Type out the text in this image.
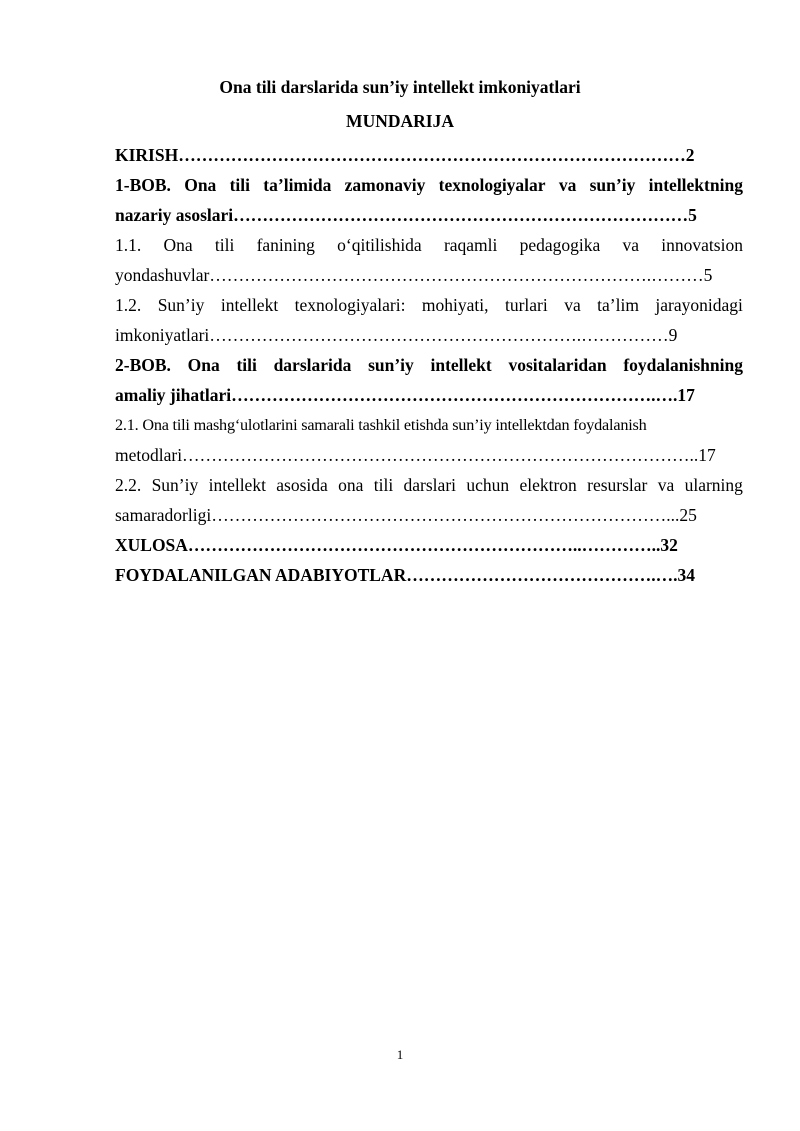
Ona tili darslarida sun’iy intellekt imkoniyatlari
MUNDARIJA
KIRISH……………………………………………………………………………2
1-BOB. Ona tili ta’limida zamonaviy texnologiyalar va sun’iy intellektning
nazariy asoslari……………………………………………………………………5
1.1. Ona tili fanining o‘qitilishida raqamli pedagogika va innovatsion
yondashuvlar………………………………………………………………….………5
1.2. Sun’iy intellekt texnologiyalari: mohiyati, turlari va ta’lim jarayonidagi
imkoniyatlari……………………………………………………….……………9
2-BOB. Ona tili darslarida sun’iy intellekt vositalaridan foydalanishning
amaliy jihatlari……………………………………………………………….….17
2.1. Ona tili mashg‘ulotlarini samarali tashkil etishda sun’iy intellektdan foydalanish
metodlari……………………………………………………………………………..17
2.2. Sun’iy intellekt asosida ona tili darslari uchun elektron resurslar va ularning
samaradorligi……………………………………………………………………...25
XULOSA…………………………………………………………..…………..32
FOYDALANILGAN ADABIYOTLAR…………………………………….….34
1
